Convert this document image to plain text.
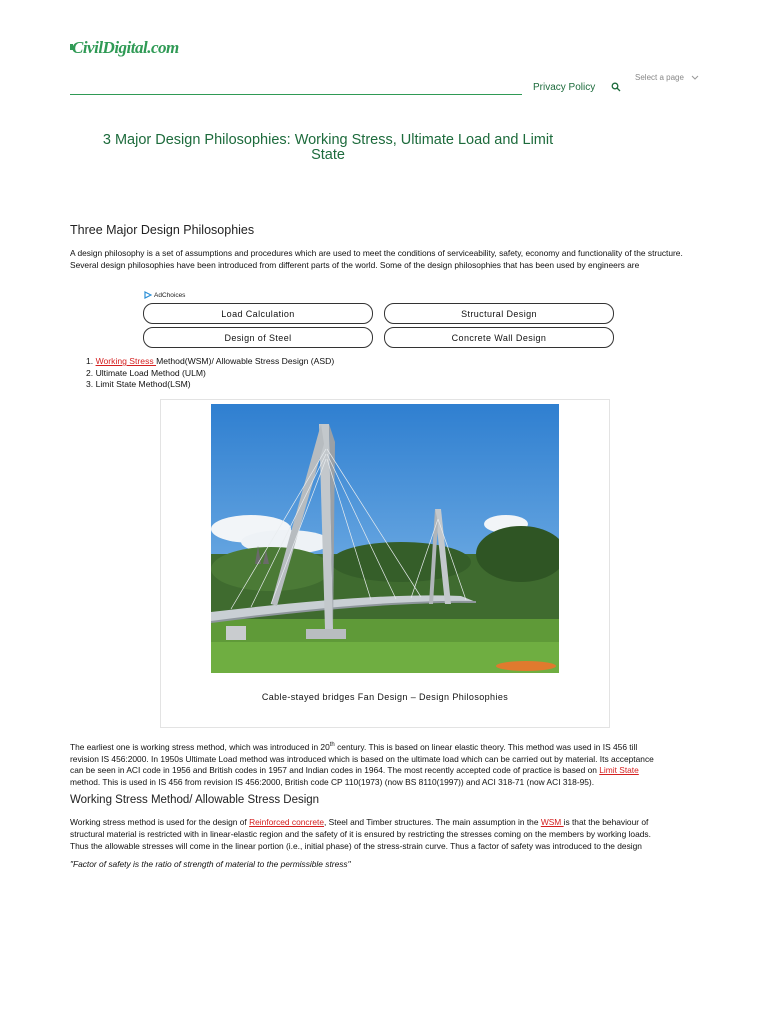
CivilDigital.com
Privacy Policy
Select a page
3 Major Design Philosophies: Working Stress, Ultimate Load and Limit
State
Three Major Design Philosophies
A design philosophy is a set of assumptions and procedures which are used to meet the conditions of serviceability, safety, economy and functionality of the structure. Several design philosophies have been introduced from different parts of the world. Some of the design philosophies that has been used by engineers are
AdChoices
Load Calculation	Structural Design
Design of Steel	Concrete Wall Design
1. Working Stress Method(WSM)/ Allowable Stress Design (ASD)
2. Ultimate Load Method (ULM)
3. Limit State Method(LSM)
Cable-stayed bridges Fan Design – Design Philosophies
The earliest one is working stress method, which was introduced in 20th century. This is based on linear elastic theory. This method was used in IS 456 till
revision IS 456:2000. In 1950s Ultimate Load method was introduced which is based on the ultimate load which can be carried out by material. Its acceptance
can be seen in ACI code in 1956 and British codes in 1957 and Indian codes in 1964. The most recently accepted code of practice is based on Limit State
method. This is used in IS 456 from revision IS 456:2000, British code CP 110(1973) (now BS 8110(1997)) and ACI 318-71 (now ACI 318-95).
Working Stress Method/ Allowable Stress Design
Working stress method is used for the design of Reinforced concrete, Steel and Timber structures. The main assumption in the WSM is that the behaviour of
structural material is restricted with in linear-elastic region and the safety of it is ensured by restricting the stresses coming on the members by working loads.
Thus the allowable stresses will come in the linear portion (i.e., initial phase) of the stress-strain curve. Thus a factor of safety was introduced to the design
"Factor of safety is the ratio of strength of material to the permissible stress"
